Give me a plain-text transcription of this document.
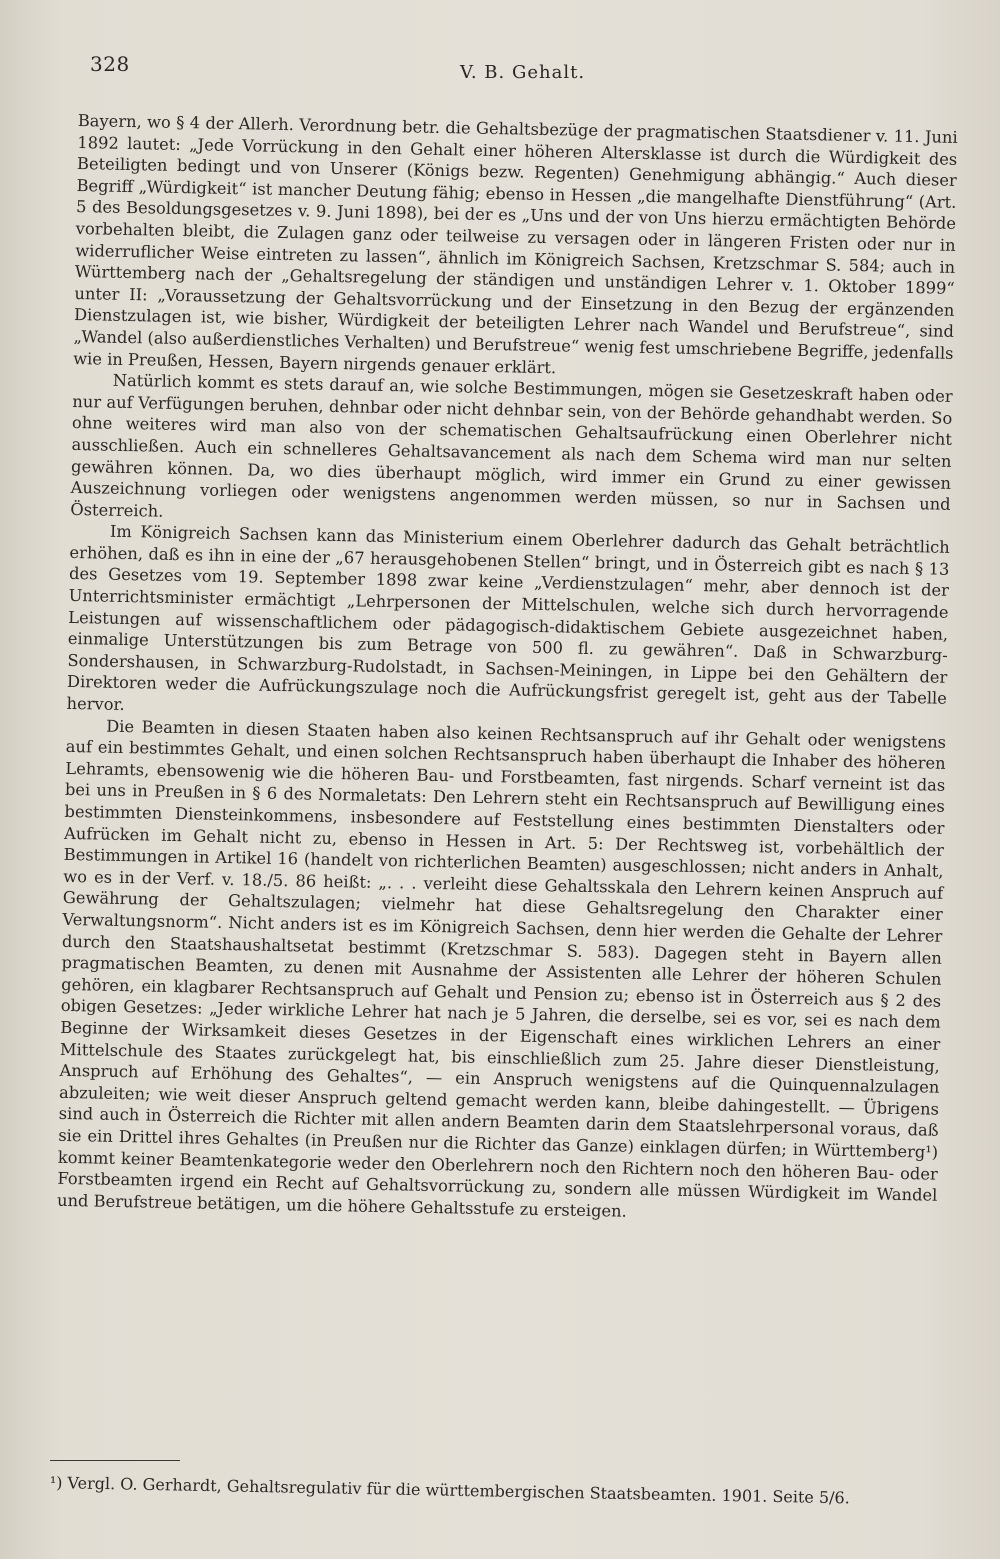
328	V. B. Gehalt.

Bayern, wo § 4 der Allerh. Verordnung betr. die Gehaltsbezüge der pragmatischen Staatsdiener v. 11. Juni 1892 lautet: „Jede Vorrückung in den Gehalt einer höheren Altersklasse ist durch die Würdigkeit des Beteiligten bedingt und von Unserer (Königs bezw. Regenten) Genehmigung abhängig.“ Auch dieser Begriff „Würdigkeit“ ist mancher Deutung fähig; ebenso in Hessen „die mangelhafte Dienstführung“ (Art. 5 des Besoldungsgesetzes v. 9. Juni 1898), bei der es „Uns und der von Uns hierzu ermächtigten Behörde vorbehalten bleibt, die Zulagen ganz oder teilweise zu versagen oder in längeren Fristen oder nur in widerruflicher Weise eintreten zu lassen“, ähnlich im Königreich Sachsen, Kretzschmar S. 584; auch in Württemberg nach der „Gehaltsregelung der ständigen und unständigen Lehrer v. 1. Oktober 1899“ unter II: „Voraussetzung der Gehaltsvorrückung und der Einsetzung in den Bezug der ergänzenden Dienstzulagen ist, wie bisher, Würdigkeit der beteiligten Lehrer nach Wandel und Berufstreue“, sind „Wandel (also außerdienstliches Verhalten) und Berufstreue“ wenig fest umschriebene Begriffe, jedenfalls wie in Preußen, Hessen, Bayern nirgends genauer erklärt.

Natürlich kommt es stets darauf an, wie solche Bestimmungen, mögen sie Gesetzeskraft haben oder nur auf Verfügungen beruhen, dehnbar oder nicht dehnbar sein, von der Behörde gehandhabt werden. So ohne weiteres wird man also von der schematischen Gehaltsaufrückung einen Oberlehrer nicht ausschließen. Auch ein schnelleres Gehaltsavancement als nach dem Schema wird man nur selten gewähren können. Da, wo dies überhaupt möglich, wird immer ein Grund zu einer gewissen Auszeichnung vorliegen oder wenigstens angenommen werden müssen, so nur in Sachsen und Österreich.

Im Königreich Sachsen kann das Ministerium einem Oberlehrer dadurch das Gehalt beträchtlich erhöhen, daß es ihn in eine der „67 herausgehobenen Stellen“ bringt, und in Österreich gibt es nach § 13 des Gesetzes vom 19. September 1898 zwar keine „Verdienstzulagen“ mehr, aber dennoch ist der Unterrichtsminister ermächtigt „Lehrpersonen der Mittelschulen, welche sich durch hervorragende Leistungen auf wissenschaftlichem oder pädagogisch-didaktischem Gebiete ausgezeichnet haben, einmalige Unterstützungen bis zum Betrage von 500 fl. zu gewähren“. Daß in Schwarzburg-Sondershausen, in Schwarzburg-Rudolstadt, in Sachsen-Meiningen, in Lippe bei den Gehältern der Direktoren weder die Aufrückungszulage noch die Aufrückungsfrist geregelt ist, geht aus der Tabelle hervor.

Die Beamten in diesen Staaten haben also keinen Rechtsanspruch auf ihr Gehalt oder wenigstens auf ein bestimmtes Gehalt, und einen solchen Rechtsanspruch haben überhaupt die Inhaber des höheren Lehramts, ebensowenig wie die höheren Bau- und Forstbeamten, fast nirgends. Scharf verneint ist das bei uns in Preußen in § 6 des Normaletats: Den Lehrern steht ein Rechtsanspruch auf Bewilligung eines bestimmten Diensteinkommens, insbesondere auf Feststellung eines bestimmten Dienstalters oder Aufrücken im Gehalt nicht zu, ebenso in Hessen in Art. 5: Der Rechtsweg ist, vorbehältlich der Bestimmungen in Artikel 16 (handelt von richterlichen Beamten) ausgeschlossen; nicht anders in Anhalt, wo es in der Verf. v. 18./5. 86 heißt: „. . . verleiht diese Gehaltsskala den Lehrern keinen Anspruch auf Gewährung der Gehaltszulagen; vielmehr hat diese Gehaltsregelung den Charakter einer Verwaltungsnorm“. Nicht anders ist es im Königreich Sachsen, denn hier werden die Gehalte der Lehrer durch den Staatshaushaltsetat bestimmt (Kretzschmar S. 583). Dagegen steht in Bayern allen pragmatischen Beamten, zu denen mit Ausnahme der Assistenten alle Lehrer der höheren Schulen gehören, ein klagbarer Rechtsanspruch auf Gehalt und Pension zu; ebenso ist in Österreich aus § 2 des obigen Gesetzes: „Jeder wirkliche Lehrer hat nach je 5 Jahren, die derselbe, sei es vor, sei es nach dem Beginne der Wirksamkeit dieses Gesetzes in der Eigenschaft eines wirklichen Lehrers an einer Mittelschule des Staates zurückgelegt hat, bis einschließlich zum 25. Jahre dieser Dienstleistung, Anspruch auf Erhöhung des Gehaltes“, — ein Anspruch wenigstens auf die Quinquennalzulagen abzuleiten; wie weit dieser Anspruch geltend gemacht werden kann, bleibe dahingestellt. — Übrigens sind auch in Österreich die Richter mit allen andern Beamten darin dem Staatslehrpersonal voraus, daß sie ein Drittel ihres Gehaltes (in Preußen nur die Richter das Ganze) einklagen dürfen; in Württemberg¹) kommt keiner Beamtenkategorie weder den Oberlehrern noch den Richtern noch den höheren Bau- oder Forstbeamten irgend ein Recht auf Gehaltsvorrückung zu, sondern alle müssen Würdigkeit im Wandel und Berufstreue betätigen, um die höhere Gehaltsstufe zu ersteigen.

¹) Vergl. O. Gerhardt, Gehaltsregulativ für die württembergischen Staatsbeamten. 1901. Seite 5/6.
